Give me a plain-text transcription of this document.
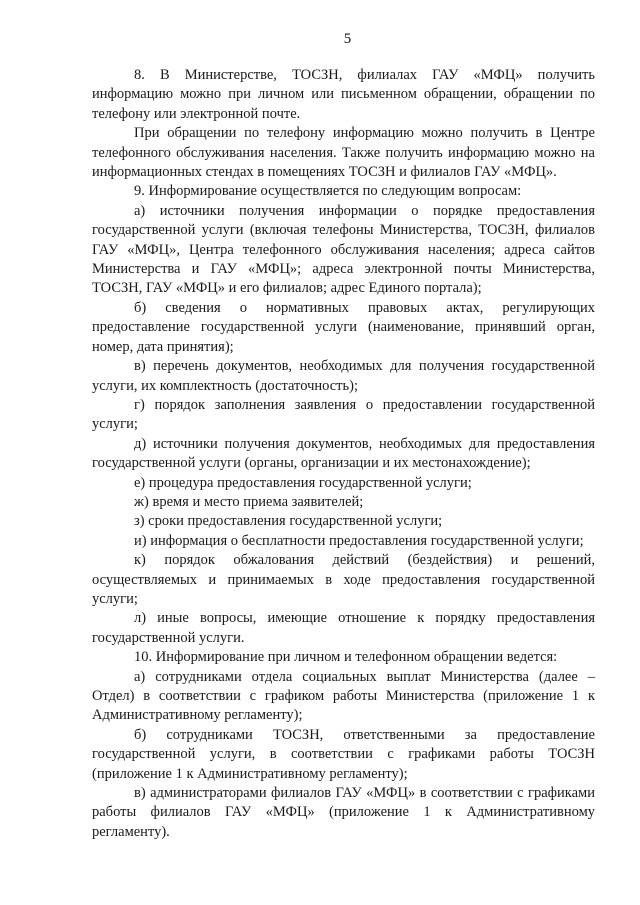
5

8. В Министерстве, ТОСЗН, филиалах ГАУ «МФЦ» получить информацию можно при личном или письменном обращении, обращении по телефону или электронной почте.

При обращении по телефону информацию можно получить в Центре телефонного обслуживания населения. Также получить информацию можно на информационных стендах в помещениях ТОСЗН и филиалов ГАУ «МФЦ».

9. Информирование осуществляется по следующим вопросам:

а) источники получения информации о порядке предоставления государственной услуги (включая телефоны Министерства, ТОСЗН, филиалов ГАУ «МФЦ», Центра телефонного обслуживания населения; адреса сайтов Министерства и ГАУ «МФЦ»; адреса электронной почты Министерства, ТОСЗН, ГАУ «МФЦ» и его филиалов; адрес Единого портала);

б) сведения о нормативных правовых актах, регулирующих предоставление государственной услуги (наименование, принявший орган, номер, дата принятия);

в) перечень документов, необходимых для получения государственной услуги, их комплектность (достаточность);

г) порядок заполнения заявления о предоставлении государственной услуги;

д) источники получения документов, необходимых для предоставления государственной услуги (органы, организации и их местонахождение);

е) процедура предоставления государственной услуги;

ж) время и место приема заявителей;

з) сроки предоставления государственной услуги;

и) информация о бесплатности предоставления государственной услуги;

к) порядок обжалования действий (бездействия) и решений, осуществляемых и принимаемых в ходе предоставления государственной услуги;

л) иные вопросы, имеющие отношение к порядку предоставления государственной услуги.

10. Информирование при личном и телефонном обращении ведется:

а) сотрудниками отдела социальных выплат Министерства (далее – Отдел) в соответствии с графиком работы Министерства (приложение 1 к Административному регламенту);

б) сотрудниками ТОСЗН, ответственными за предоставление государственной услуги, в соответствии с графиками работы ТОСЗН (приложение 1 к Административному регламенту);

в) администраторами филиалов ГАУ «МФЦ» в соответствии с графиками работы филиалов ГАУ «МФЦ» (приложение 1 к Административному регламенту).
